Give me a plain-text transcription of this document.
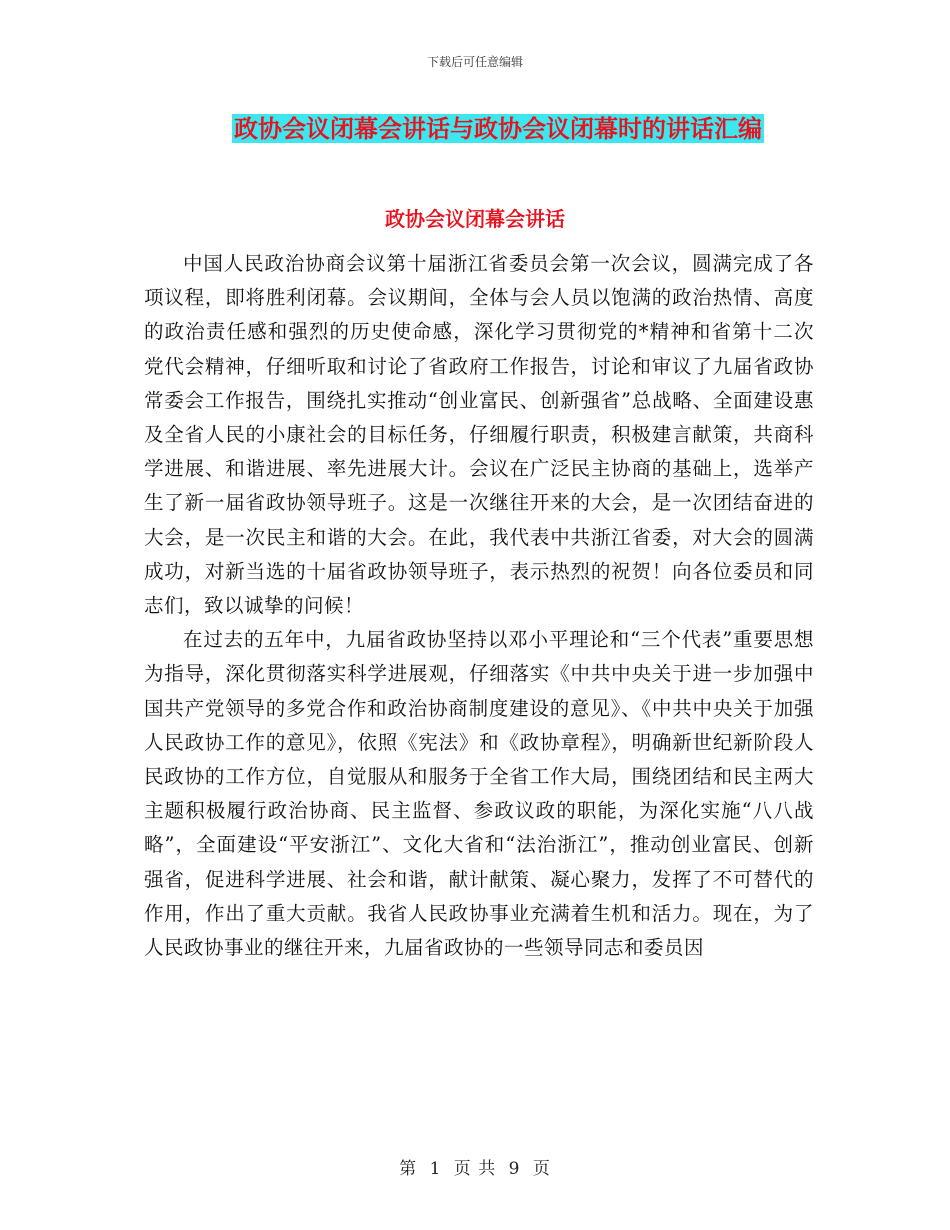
下载后可任意编辑
政协会议闭幕会讲话与政协会议闭幕时的讲话汇编
政协会议闭幕会讲话

中国人民政治协商会议第十届浙江省委员会第一次会议，圆满完成了各项议程，即将胜利闭幕。会议期间，全体与会人员以饱满的政治热情、高度的政治责任感和强烈的历史使命感，深化学习贯彻党的*精神和省第十二次党代会精神，仔细听取和讨论了省政府工作报告，讨论和审议了九届省政协常委会工作报告，围绕扎实推动“创业富民、创新强省”总战略、全面建设惠及全省人民的小康社会的目标任务，仔细履行职责，积极建言献策，共商科学进展、和谐进展、率先进展大计。会议在广泛民主协商的基础上，选举产生了新一届省政协领导班子。这是一次继往开来的大会，是一次团结奋进的大会，是一次民主和谐的大会。在此，我代表中共浙江省委，对大会的圆满成功，对新当选的十届省政协领导班子，表示热烈的祝贺！向各位委员和同志们，致以诚挚的问候！

在过去的五年中，九届省政协坚持以邓小平理论和“三个代表”重要思想为指导，深化贯彻落实科学进展观，仔细落实《中共中央关于进一步加强中国共产党领导的多党合作和政治协商制度建设的意见》、《中共中央关于加强人民政协工作的意见》，依照《宪法》和《政协章程》，明确新世纪新阶段人民政协的工作方位，自觉服从和服务于全省工作大局，围绕团结和民主两大主题积极履行政治协商、民主监督、参政议政的职能，为深化实施“八八战略”，全面建设“平安浙江”、文化大省和“法治浙江”，推动创业富民、创新强省，促进科学进展、社会和谐，献计献策、凝心聚力，发挥了不可替代的作用，作出了重大贡献。我省人民政协事业充满着生机和活力。现在，为了人民政协事业的继往开来，九届省政协的一些领导同志和委员因

第 1 页 共 9 页
